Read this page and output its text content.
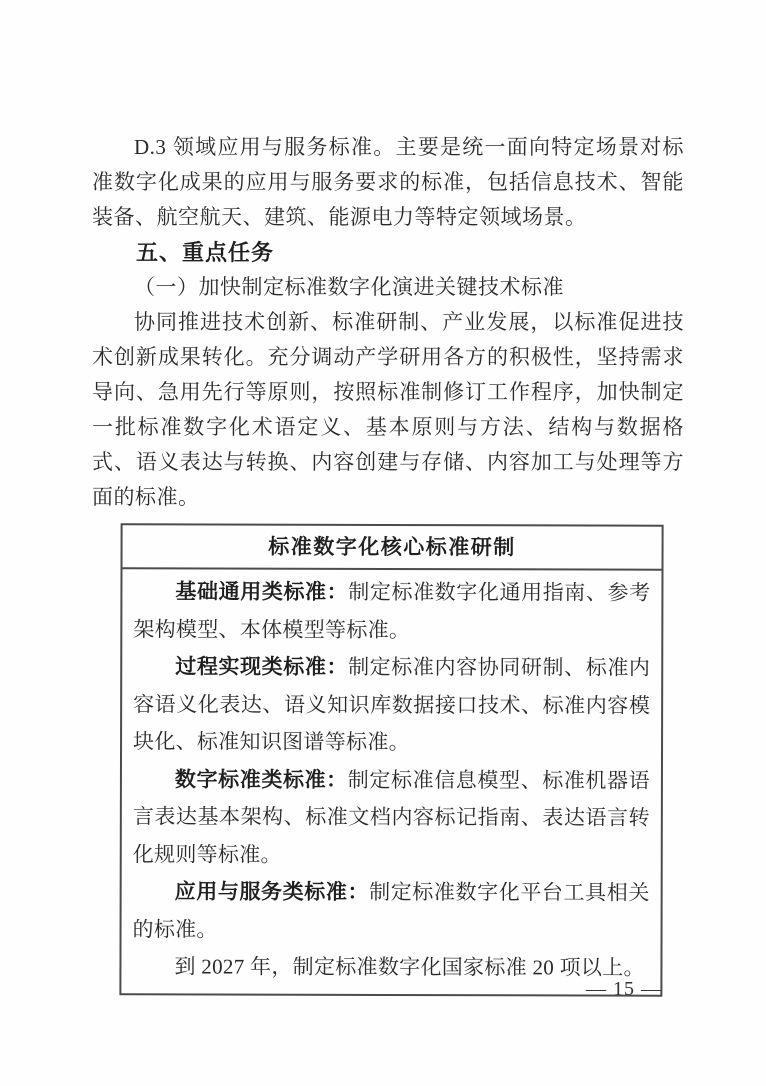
D.3 领域应用与服务标准。主要是统一面向特定场景对标准数字化成果的应用与服务要求的标准，包括信息技术、智能装备、航空航天、建筑、能源电力等特定领域场景。

五、重点任务

（一）加快制定标准数字化演进关键技术标准

协同推进技术创新、标准研制、产业发展，以标准促进技术创新成果转化。充分调动产学研用各方的积极性，坚持需求导向、急用先行等原则，按照标准制修订工作程序，加快制定一批标准数字化术语定义、基本原则与方法、结构与数据格式、语义表达与转换、内容创建与存储、内容加工与处理等方面的标准。

标准数字化核心标准研制

基础通用类标准：制定标准数字化通用指南、参考架构模型、本体模型等标准。

过程实现类标准：制定标准内容协同研制、标准内容语义化表达、语义知识库数据接口技术、标准内容模块化、标准知识图谱等标准。

数字标准类标准：制定标准信息模型、标准机器语言表达基本架构、标准文档内容标记指南、表达语言转化规则等标准。

应用与服务类标准：制定标准数字化平台工具相关的标准。

到 2027 年，制定标准数字化国家标准 20 项以上。

— 15 —
